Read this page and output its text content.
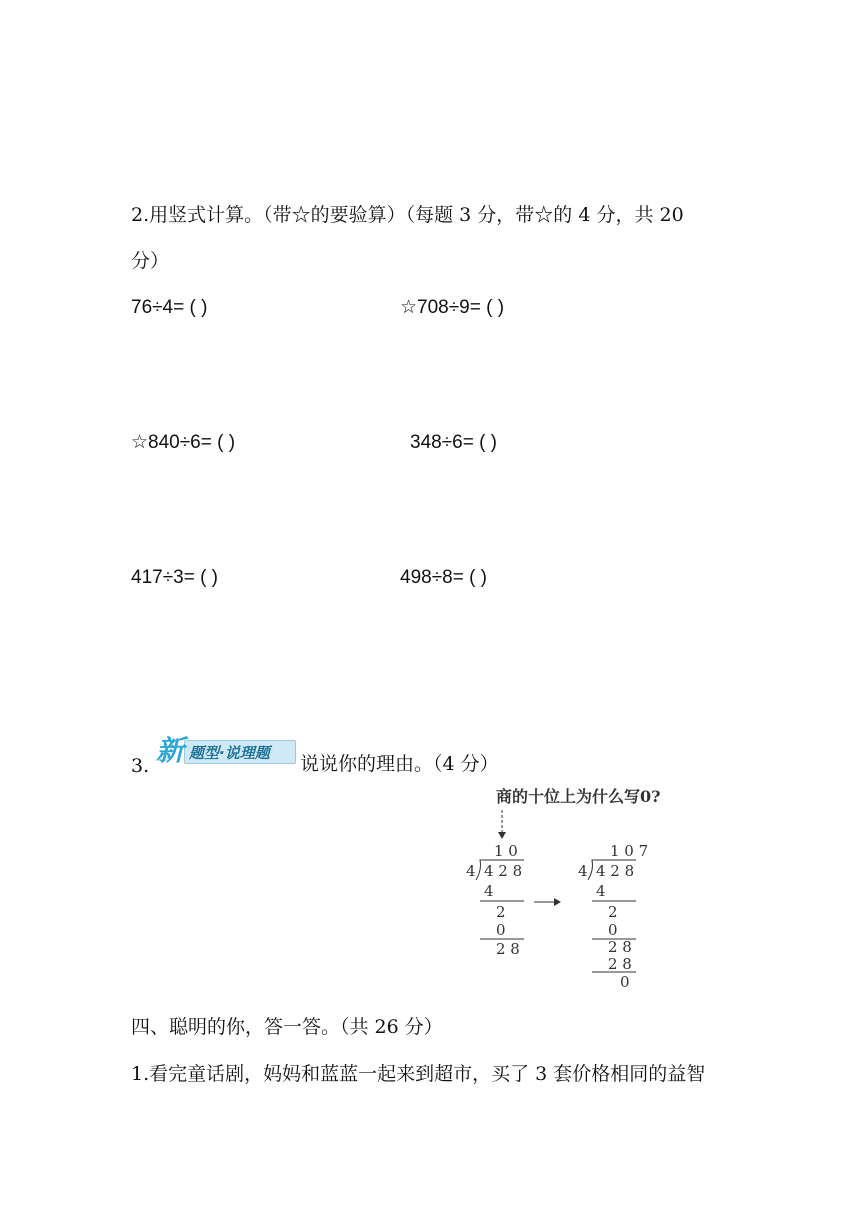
2.用竖式计算。（带☆的要验算）（每题 3 分，带☆的 4 分，共 20
分）
76÷4= ( )	☆708÷9= ( )
☆840÷6= ( )	348÷6= ( )
417÷3= ( )	498÷8= ( )
3.
题型·说理题
新	说说你的理由。（4 分）
商的十位上为什么写0?
1 0
4 4 2 8
4
2
0
2 8
1 0 7
4 4 2 8
4
2
0
2 8
2 8
0
四、聪明的你，答一答。（共 26 分）
1.看完童话剧，妈妈和蓝蓝一起来到超市，买了 3 套价格相同的益智
